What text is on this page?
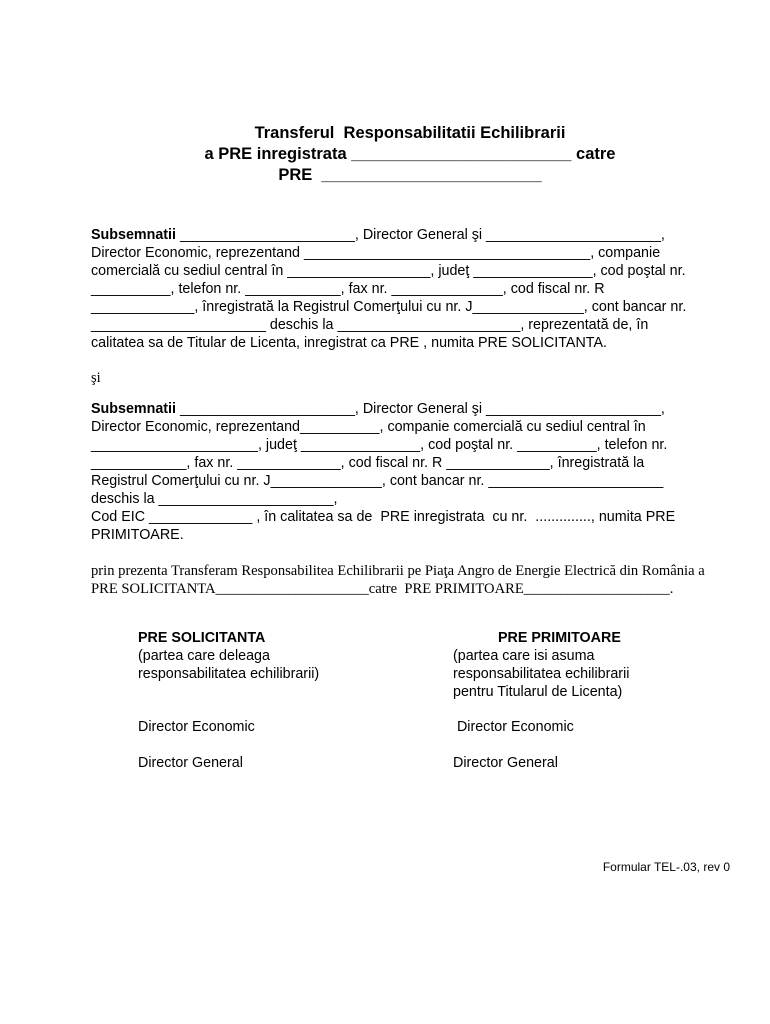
Transferul  Responsabilitatii Echilibrarii
a PRE inregistrata ________________________ catre
PRE  ________________________
Subsemnatii ______________________, Director General şi ______________________,
Director Economic, reprezentand ____________________________________, companie
comercială cu sediul central în __________________, judeţ _______________, cod poştal nr.
__________, telefon nr. ____________, fax nr. ______________, cod fiscal nr. R
_____________, înregistrată la Registrul Comerţului cu nr. J______________, cont bancar nr.
______________________ deschis la _______________________, reprezentată de, în
calitatea sa de Titular de Licenta, inregistrat ca PRE , numita PRE SOLICITANTA.
şi
Subsemnatii ______________________, Director General şi ______________________,
Director Economic, reprezentand__________, companie comercială cu sediul central în
_____________________, judeţ _______________, cod poştal nr. __________, telefon nr.
____________, fax nr. _____________, cod fiscal nr. R _____________, înregistrată la
Registrul Comerţului cu nr. J______________, cont bancar nr. ______________________
deschis la ______________________,
Cod EIC _____________ , în calitatea sa de  PRE inregistrata  cu nr.  .............., numita PRE
PRIMITOARE.
prin prezenta Transferam Responsabilitea Echilibrarii pe Piaţa Angro de Energie Electrică din România a
PRE SOLICITANTA_____________________catre  PRE PRIMITOARE____________________.
PRE SOLICITANTA
(partea care deleaga
responsabilitatea echilibrarii)
Director Economic
Director General
PRE PRIMITOARE
(partea care isi asuma
responsabilitatea echilibrarii
pentru Titularul de Licenta)
Director Economic
Director General
Formular TEL-.03, rev 0
